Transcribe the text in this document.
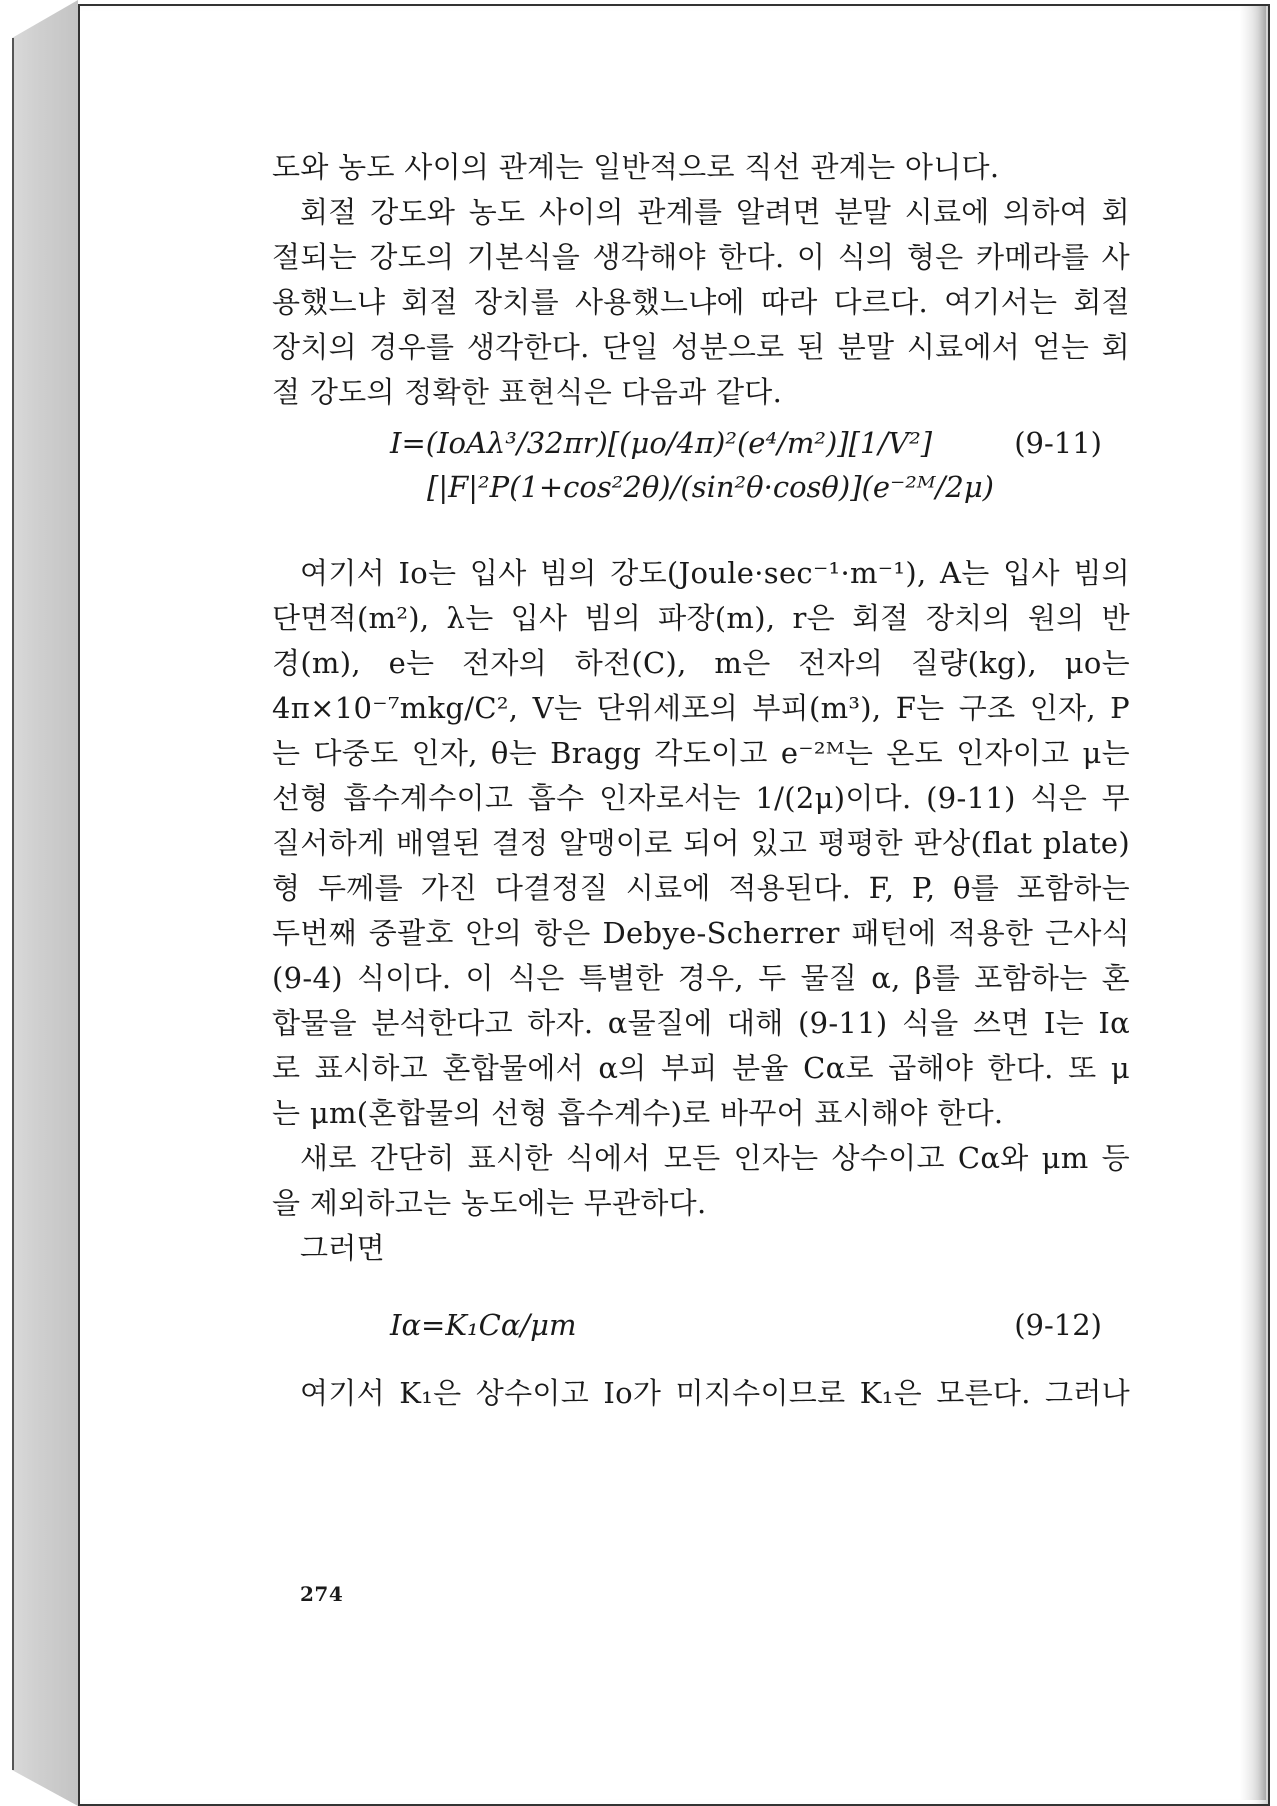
도와 농도 사이의 관계는 일반적으로 직선 관계는 아니다.
회절 강도와 농도 사이의 관계를 알려면 분말 시료에 의하여 회
절되는 강도의 기본식을 생각해야 한다. 이 식의 형은 카메라를 사
용했느냐 회절 장치를 사용했느냐에 따라 다르다. 여기서는 회절
장치의 경우를 생각한다. 단일 성분으로 된 분말 시료에서 얻는 회
절 강도의 정확한 표현식은 다음과 같다.
I=(IoAλ³/32πr)[(μo/4π)²(e⁴/m²)][1/V²]	(9-11)
[|F|²P(1+cos²2θ)/(sin²θ·cosθ)](e⁻²ᴹ/2μ)
여기서 Io는 입사 빔의 강도(Joule·sec⁻¹·m⁻¹), A는 입사 빔의
단면적(m²), λ는 입사 빔의 파장(m), r은 회절 장치의 원의 반
경(m), e는 전자의 하전(C), m은 전자의 질량(kg), μo는
4π×10⁻⁷mkg/C², V는 단위세포의 부피(m³), F는 구조 인자, P
는 다중도 인자, θ는 Bragg 각도이고 e⁻²ᴹ는 온도 인자이고 μ는
선형 흡수계수이고 흡수 인자로서는 1/(2μ)이다. (9-11) 식은 무
질서하게 배열된 결정 알맹이로 되어 있고 평평한 판상(flat plate)
형 두께를 가진 다결정질 시료에 적용된다. F, P, θ를 포함하는
두번째 중괄호 안의 항은 Debye-Scherrer 패턴에 적용한 근사식
(9-4) 식이다. 이 식은 특별한 경우, 두 물질 α, β를 포함하는 혼
합물을 분석한다고 하자. α물질에 대해 (9-11) 식을 쓰면 I는 Iα
로 표시하고 혼합물에서 α의 부피 분율 Cα로 곱해야 한다. 또 μ
는 μm(혼합물의 선형 흡수계수)로 바꾸어 표시해야 한다.
새로 간단히 표시한 식에서 모든 인자는 상수이고 Cα와 μm 등
을 제외하고는 농도에는 무관하다.
그러면
Iα=K₁Cα/μm	(9-12)
여기서 K₁은 상수이고 Io가 미지수이므로 K₁은 모른다. 그러나
274
